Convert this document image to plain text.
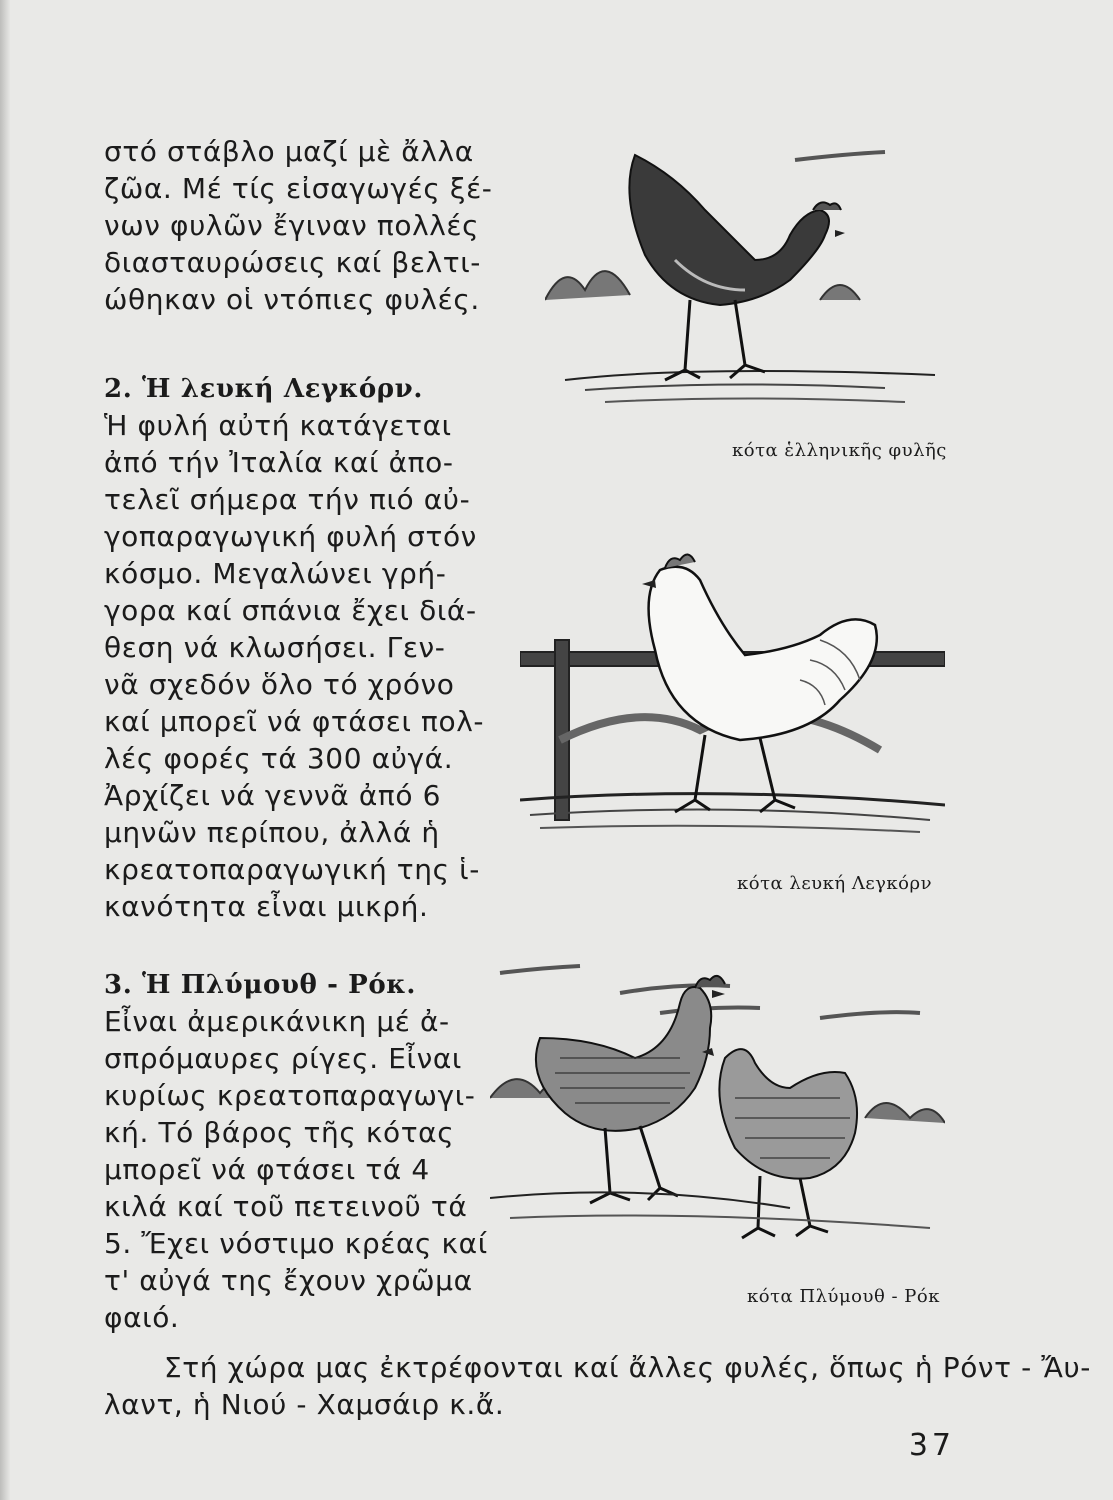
στό στάβλο μαζί μὲ ἄλλα

ζῶα. Μέ τίς εἰσαγωγές ξέ-

νων φυλῶν ἔγιναν πολλές

διασταυρώσεις καί βελτι-

ώθηκαν οἱ ντόπιες φυλές.

2. Ἡ λευκή Λεγκόρν.

Ἡ φυλή αὐτή κατάγεται

ἀπό τήν Ἰταλία καί ἀπο-

τελεῖ σήμερα τήν πιό αὐ-

γοπαραγωγική φυλή στόν

κόσμο. Μεγαλώνει γρή-

γορα καί σπάνια ἔχει διά-

θεση νά κλωσήσει. Γεν-

νᾶ σχεδόν ὅλο τό χρόνο

καί μπορεῖ νά φτάσει πολ-

λές φορές τά 300 αὐγά.

Ἀρχίζει νά γεννᾶ ἀπό 6

μηνῶν περίπου, ἀλλά ἡ

κρεατοπαραγωγική της ἱ-

κανότητα εἶναι μικρή.

3. Ἡ Πλύμουθ - Ρόκ.

Εἶναι ἀμερικάνικη μέ ἀ-

σπρόμαυρες ρίγες. Εἶναι

κυρίως κρεατοπαραγωγι-

κή. Τό βάρος τῆς κότας

μπορεῖ νά φτάσει τά 4

κιλά καί τοῦ πετεινοῦ τά

5. Ἔχει νόστιμο κρέας καί

τ' αὐγά της ἔχουν χρῶμα

φαιό.

Στή χώρα μας ἐκτρέφονται καί ἄλλες φυλές, ὅπως ἡ Ρόντ - Ἄυ-

λαντ, ἡ Νιού - Χαμσάιρ κ.ἄ.

κότα ἑλληνικῆς φυλῆς
κότα λευκή Λεγκόρν
κότα Πλύμουθ - Ρόκ
37
